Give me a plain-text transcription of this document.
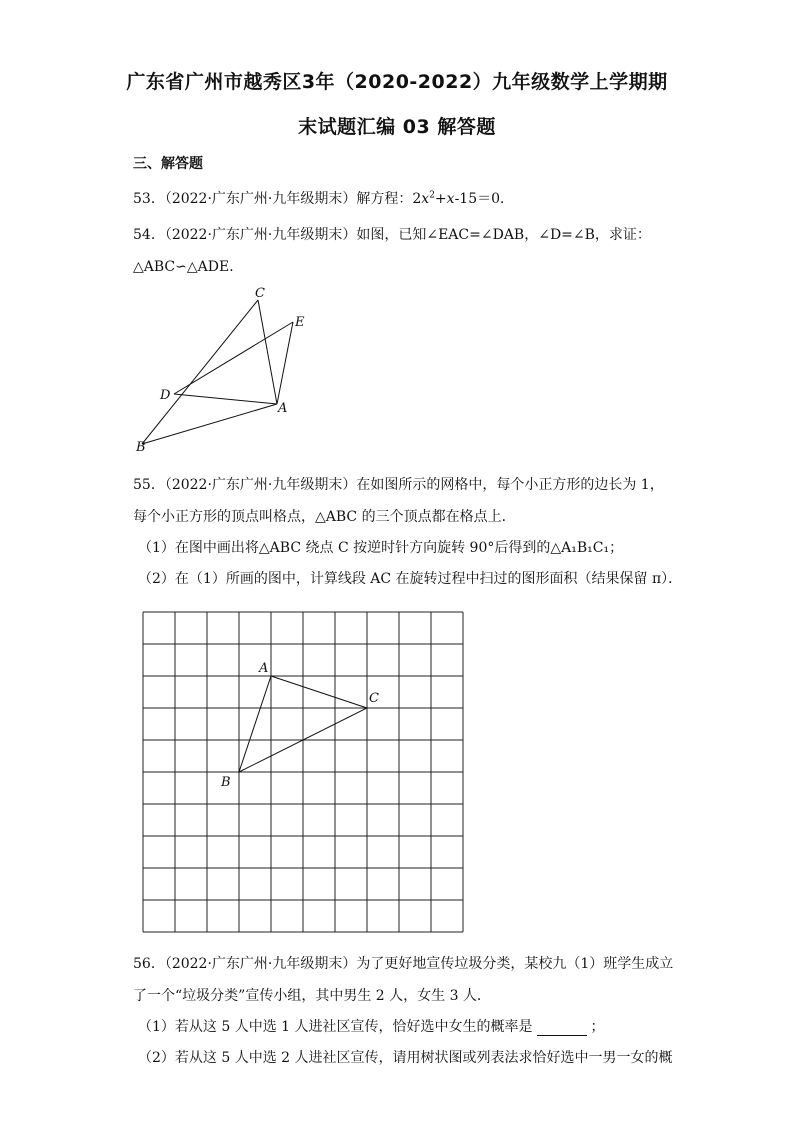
广东省广州市越秀区3年（2020-2022）九年级数学上学期期
末试题汇编 03 解答题
三、解答题
53．（2022·广东广州·九年级期末）解方程：$2x^2+x-15=0$．
54．（2022·广东广州·九年级期末）如图，已知∠EAC=∠DAB，∠D=∠B，求证：
△ABC∽△ADE．
C
E
D
A
B
55．（2022·广东广州·九年级期末）在如图所示的网格中，每个小正方形的边长为 1，
每个小正方形的顶点叫格点，△ABC 的三个顶点都在格点上．
（1）在图中画出将△ABC 绕点 C 按逆时针方向旋转 90°后得到的△A₁B₁C₁；
（2）在（1）所画的图中，计算线段 AC 在旋转过程中扫过的图形面积（结果保留 π）．
A
C
B
56．（2022·广东广州·九年级期末）为了更好地宣传垃圾分类，某校九（1）班学生成立
了一个“垃圾分类”宣传小组，其中男生 2 人，女生 3 人．
（1）若从这 5 人中选 1 人进社区宣传，恰好选中女生的概率是	；
（2）若从这 5 人中选 2 人进社区宣传，请用树状图或列表法求恰好选中一男一女的概
